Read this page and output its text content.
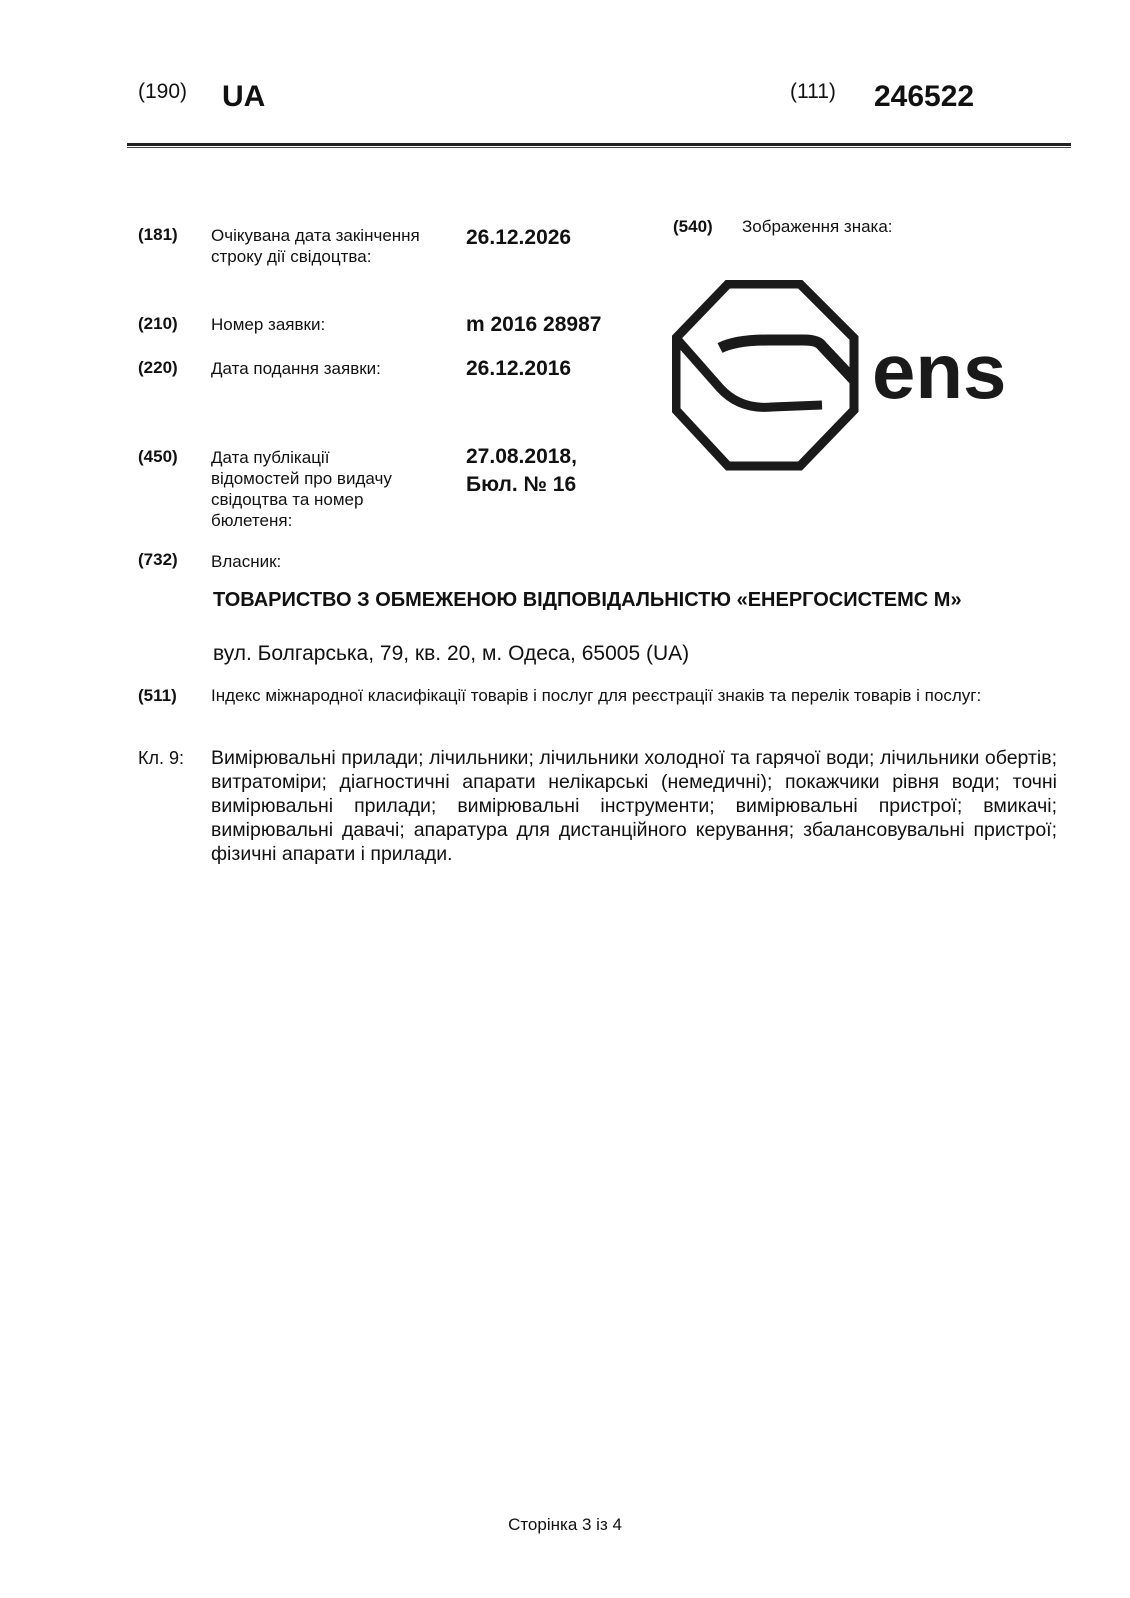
(190) UA	(111) 246522
(181) Очікувана дата закінчення строку дії свідоцтва:
26.12.2026
(210) Номер заявки:	m 2016 28987
(220) Дата подання заявки:	26.12.2016
(450) Дата публікації відомостей про видачу свідоцтва та номер бюлетеня:
27.08.2018,
Бюл. № 16
(540) Зображення знака:
ens
(732) Власник:
ТОВАРИСТВО З ОБМЕЖЕНОЮ ВІДПОВІДАЛЬНІСТЮ «ЕНЕРГОСИСТЕМС М»
вул. Болгарська, 79, кв. 20, м. Одеса, 65005 (UA)
(511) Індекс міжнародної класифікації товарів і послуг для реєстрації знаків та перелік товарів і послуг:
Кл. 9: Вимірювальні прилади; лічильники; лічильники холодної та гарячої води; лічильники обертів; витратоміри; діагностичні апарати нелікарські (немедичні); покажчики рівня води; точні вимірювальні прилади; вимірювальні інструменти; вимірювальні пристрої; вмикачі; вимірювальні давачі; апаратура для дистанційного керування; збалансовувальні пристрої; фізичні апарати і прилади.
Сторінка 3 із 4
